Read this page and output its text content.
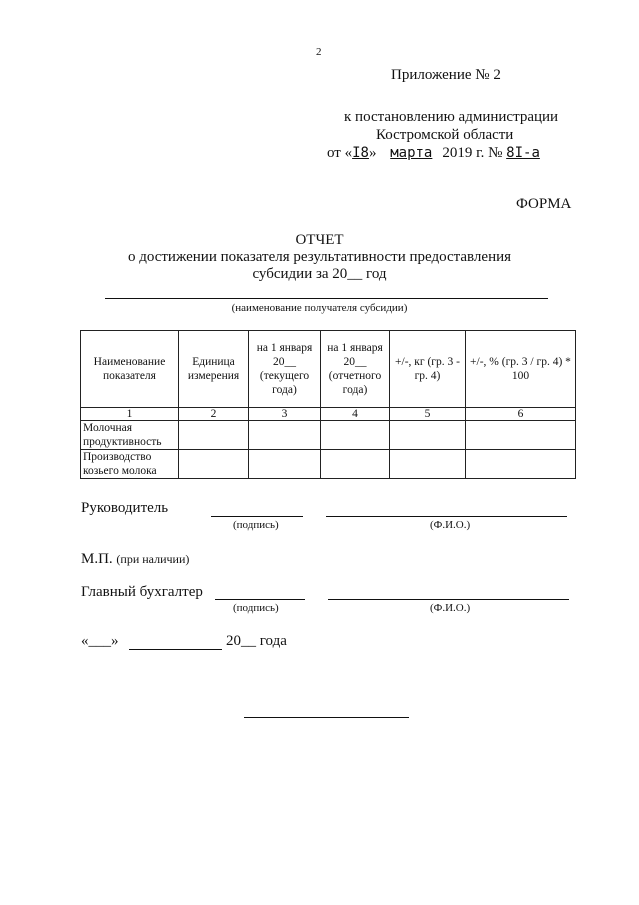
2
Приложение № 2
к постановлению администрации
Костромской области
от «I8» марта 2019 г. № 8I-а
ФОРМА
ОТЧЕТ
о достижении показателя результативности предоставления
субсидии за 20__ год
(наименование получателя субсидии)
Наименование показателя	Единица измерения	на 1 января 20__ (текущего года)	на 1 января 20__ (отчетного года)	+/-, кг (гр. 3 - гр. 4)	+/-, % (гр. 3 / гр. 4) * 100
1	2	3	4	5	6
Молочная продуктивность					
Производство козьего молока					
Руководитель
(подпись)	(Ф.И.О.)
М.П. (при наличии)
Главный бухгалтер
(подпись)	(Ф.И.О.)
«___»	20__ года
